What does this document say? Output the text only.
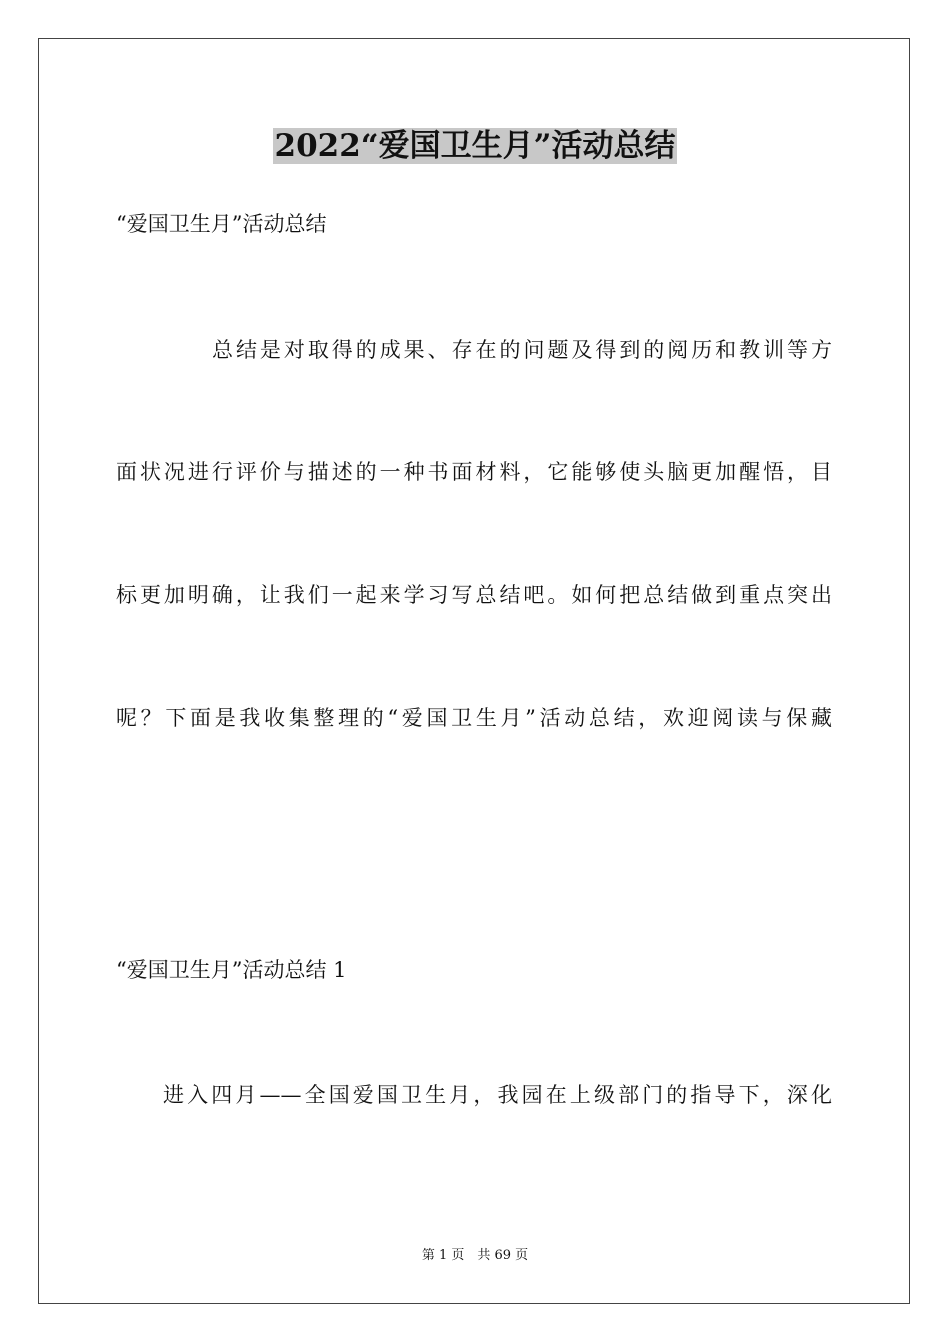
2022“爱国卫生月”活动总结
“爱国卫生月”活动总结
总结是对取得的成果、存在的问题及得到的阅历和教训等方
面状况进行评价与描述的一种书面材料，它能够使头脑更加醒悟，目
标更加明确，让我们一起来学习写总结吧。如何把总结做到重点突出
呢？下面是我收集整理的“爱国卫生月”活动总结，欢迎阅读与保藏
“爱国卫生月”活动总结 1
进入四月——全国爱国卫生月，我园在上级部门的指导下，深化
第 1 页　共 69 页
